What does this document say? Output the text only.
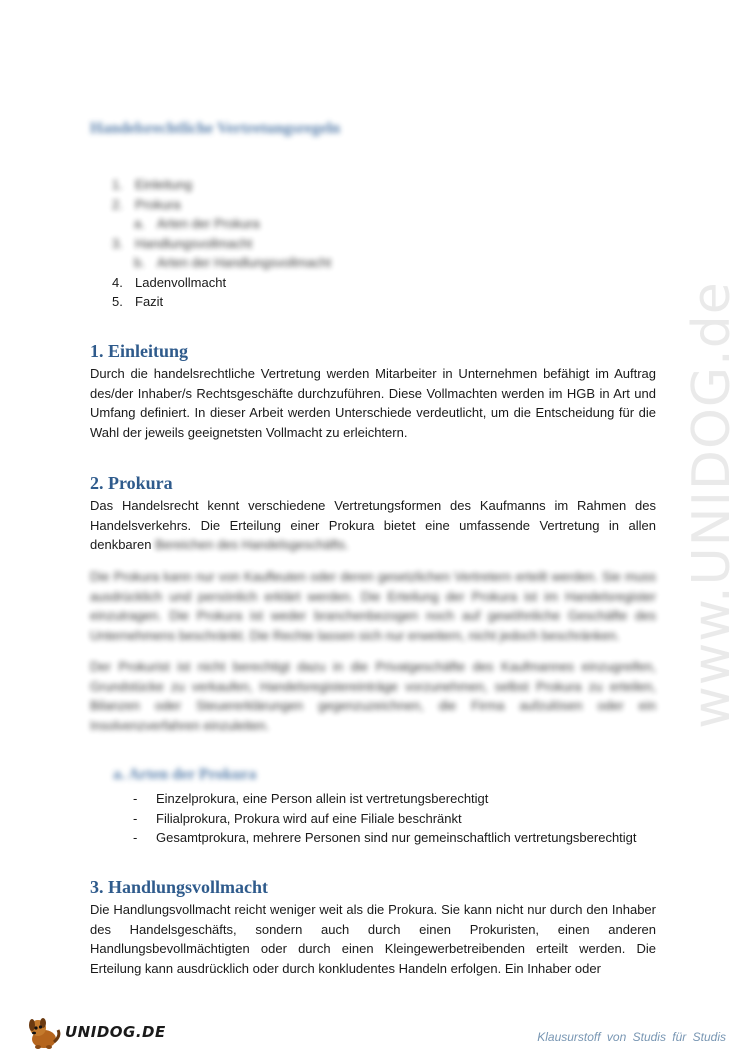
Handelsrechtliche Vertretungsregeln
1. Einleitung
2. Prokura
a. Arten der Prokura
3. Handlungsvollmacht
b. Arten der Handlungsvollmacht
4. Ladenvollmacht
5. Fazit
1. Einleitung

Durch die handelsrechtliche Vertretung werden Mitarbeiter in Unternehmen befähigt im Auftrag des/der Inhaber/s Rechtsgeschäfte durchzuführen. Diese Vollmachten werden im HGB in Art und Umfang definiert. In dieser Arbeit werden Unterschiede verdeutlicht, um die Entscheidung für die Wahl der jeweils geeignetsten Vollmacht zu erleichtern.

2. Prokura

Das Handelsrecht kennt verschiedene Vertretungsformen des Kaufmanns im Rahmen des Handelsverkehrs. Die Erteilung einer Prokura bietet eine umfassende Vertretung in allen denkbaren Bereichen des Handelsgeschäfts.

Die Prokura kann nur von Kaufleuten oder deren gesetzlichen Vertretern erteilt werden. Sie muss ausdrücklich und persönlich erklärt werden. Die Erteilung der Prokura ist im Handelsregister einzutragen. Die Prokura ist weder branchenbezogen noch auf gewöhnliche Geschäfte des Unternehmens beschränkt. Die Rechte lassen sich nur erweitern, nicht jedoch beschränken.

Der Prokurist ist nicht berechtigt dazu in die Privatgeschäfte des Kaufmannes einzugreifen, Grundstücke zu verkaufen, Handelsregistereinträge vorzunehmen, selbst Prokura zu erteilen, Bilanzen oder Steuererklärungen gegenzuzeichnen, die Firma aufzulösen oder ein Insolvenzverfahren einzuleiten.

a. Arten der Prokura
- Einzelprokura, eine Person allein ist vertretungsberechtigt
- Filialprokura, Prokura wird auf eine Filiale beschränkt
- Gesamtprokura, mehrere Personen sind nur gemeinschaftlich vertretungsberechtigt
3. Handlungsvollmacht

Die Handlungsvollmacht reicht weniger weit als die Prokura. Sie kann nicht nur durch den Inhaber des Handelsgeschäfts, sondern auch durch einen Prokuristen, einen anderen Handlungsbevollmächtigten oder durch einen Kleingewerbetreibenden erteilt werden. Die Erteilung kann ausdrücklich oder durch konkludentes Handeln erfolgen. Ein Inhaber oder

www.UNIDOG.de
UNIDOG.DE	Klausurstoff von Studis für Studis
